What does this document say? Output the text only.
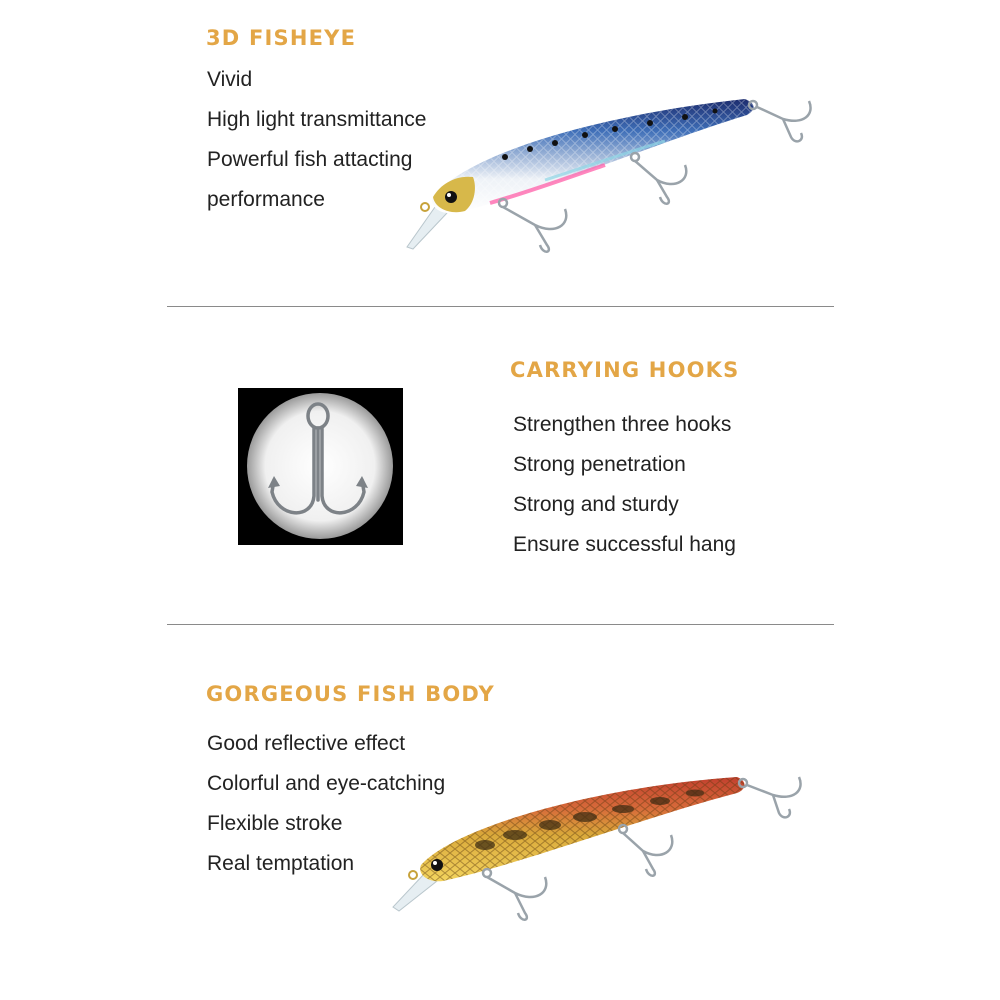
3D FISHEYE
Vivid
High light transmittance
Powerful fish attacting
performance
CARRYING HOOKS
Strengthen three hooks
Strong penetration
Strong and sturdy
Ensure successful hang
GORGEOUS FISH BODY
Good reflective effect
Colorful and eye-catching
Flexible stroke
Real temptation
